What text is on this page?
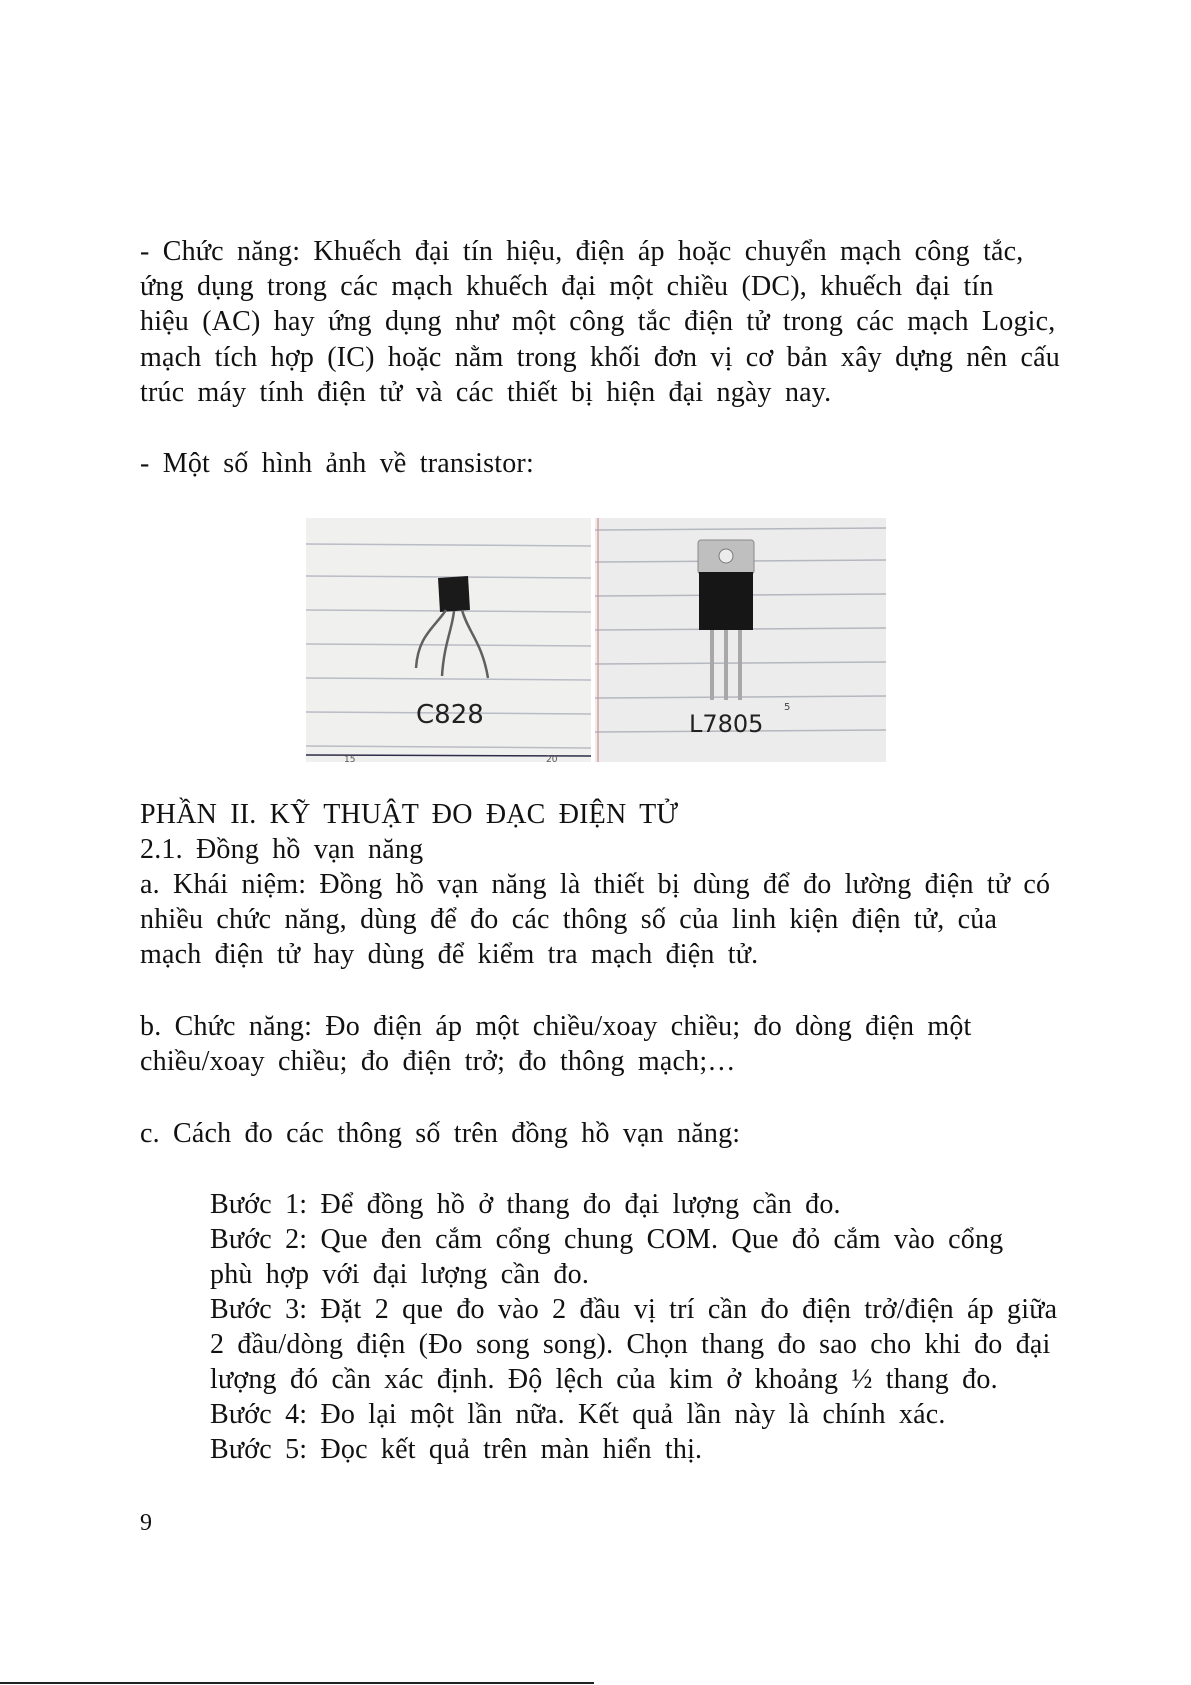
- Chức năng: Khuếch đại tín hiệu, điện áp hoặc chuyển mạch công tắc,
ứng dụng trong các mạch khuếch đại một chiều (DC), khuếch đại tín
hiệu (AC) hay ứng dụng như một công tắc điện tử trong các mạch Logic,
mạch tích hợp (IC) hoặc nằm trong khối đơn vị cơ bản xây dựng nên cấu
trúc máy tính điện tử và các thiết bị hiện đại ngày nay.
- Một số hình ảnh về transistor:
C828
15	20
L7805
5
PHẦN II. KỸ THUẬT ĐO ĐẠC ĐIỆN TỬ
2.1. Đồng hồ vạn năng
a. Khái niệm: Đồng hồ vạn năng là thiết bị dùng để đo lường điện tử có
nhiều chức năng, dùng để đo các thông số của linh kiện điện tử, của
mạch điện tử hay dùng để kiểm tra mạch điện tử.
b. Chức năng: Đo điện áp một chiều/xoay chiều; đo dòng điện một
chiều/xoay chiều; đo điện trở; đo thông mạch;…
c. Cách đo các thông số trên đồng hồ vạn năng:
Bước 1: Để đồng hồ ở thang đo đại lượng cần đo.
Bước 2: Que đen cắm cổng chung COM. Que đỏ cắm vào cổng
phù hợp với đại lượng cần đo.
Bước 3: Đặt 2 que đo vào 2 đầu vị trí cần đo điện trở/điện áp giữa
2 đầu/dòng điện (Đo song song). Chọn thang đo sao cho khi đo đại
lượng đó cần xác định. Độ lệch của kim ở khoảng ½ thang đo.
Bước 4: Đo lại một lần nữa. Kết quả lần này là chính xác.
Bước 5: Đọc kết quả trên màn hiển thị.
9
